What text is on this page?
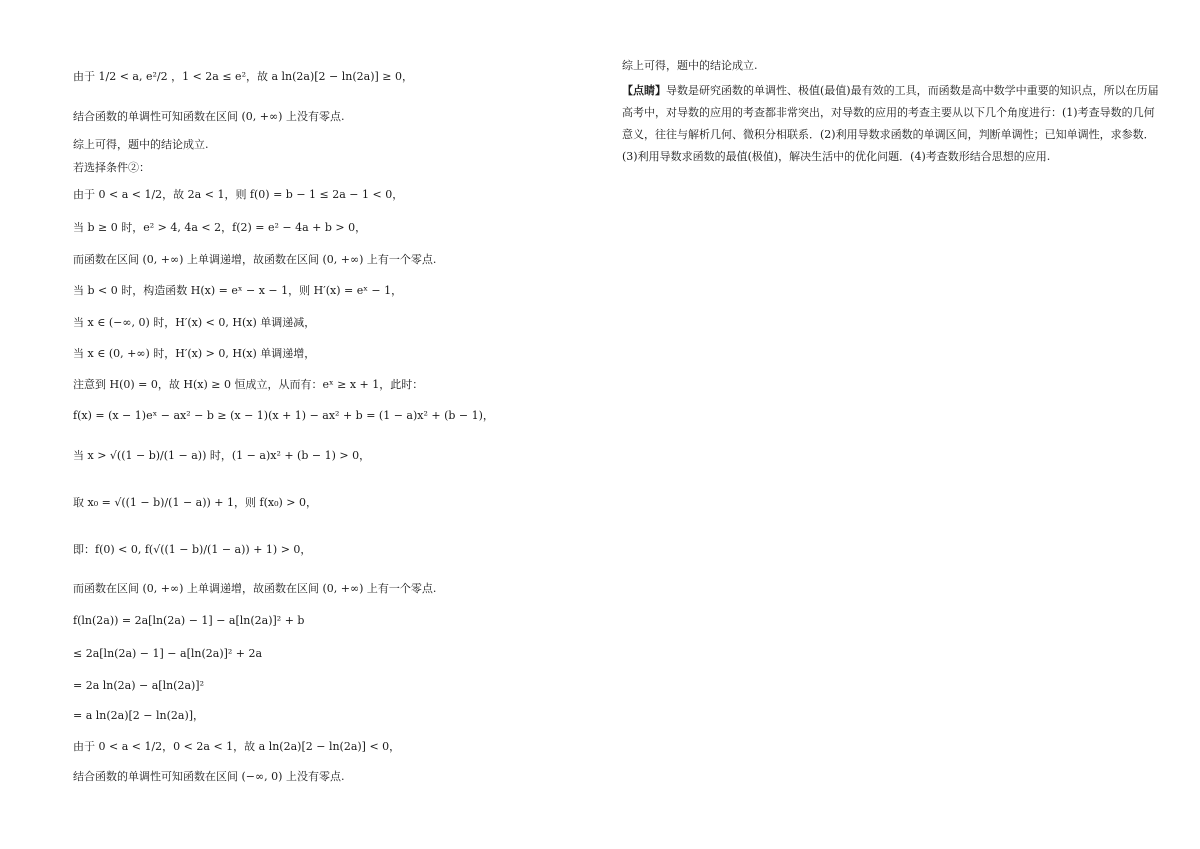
由于 1/2 < a, e²/2 ，1 < 2a ≤ e²，故 a ln(2a)[2 − ln(2a)] ≥ 0，
结合函数的单调性可知函数在区间 (0, +∞) 上没有零点.
综上可得，题中的结论成立.
若选择条件②：
由于 0 < a < 1/2，故 2a < 1，则 f(0) = b − 1 ≤ 2a − 1 < 0，
当 b ≥ 0 时，e² > 4, 4a < 2，f(2) = e² − 4a + b > 0，
而函数在区间 (0, +∞) 上单调递增，故函数在区间 (0, +∞) 上有一个零点.
当 b < 0 时，构造函数 H(x) = eˣ − x − 1，则 H′(x) = eˣ − 1，
当 x ∈ (−∞, 0) 时，H′(x) < 0, H(x) 单调递减，
当 x ∈ (0, +∞) 时，H′(x) > 0, H(x) 单调递增，
注意到 H(0) = 0，故 H(x) ≥ 0 恒成立，从而有：eˣ ≥ x + 1，此时：
f(x) = (x − 1)eˣ − ax² − b ≥ (x − 1)(x + 1) − ax² + b = (1 − a)x² + (b − 1)，
当 x > √((1 − b)/(1 − a)) 时，(1 − a)x² + (b − 1) > 0，
取 x₀ = √((1 − b)/(1 − a)) + 1，则 f(x₀) > 0，
即：f(0) < 0, f(√((1 − b)/(1 − a)) + 1) > 0，
而函数在区间 (0, +∞) 上单调递增，故函数在区间 (0, +∞) 上有一个零点.
f(ln(2a)) = 2a[ln(2a) − 1] − a[ln(2a)]² + b
≤ 2a[ln(2a) − 1] − a[ln(2a)]² + 2a
= 2a ln(2a) − a[ln(2a)]²
= a ln(2a)[2 − ln(2a)]，
由于 0 < a < 1/2，0 < 2a < 1，故 a ln(2a)[2 − ln(2a)] < 0，
结合函数的单调性可知函数在区间 (−∞, 0) 上没有零点.
综上可得，题中的结论成立.
【点睛】导数是研究函数的单调性、极值(最值)最有效的工具，而函数是高中数学中重要的知识点，所以在历届高考中，对导数的应用的考查都非常突出，对导数的应用的考查主要从以下几个角度进行：(1)考查导数的几何意义，往往与解析几何、微积分相联系．(2)利用导数求函数的单调区间，判断单调性；已知单调性，求参数．(3)利用导数求函数的最值(极值)，解决生活中的优化问题．(4)考查数形结合思想的应用.
